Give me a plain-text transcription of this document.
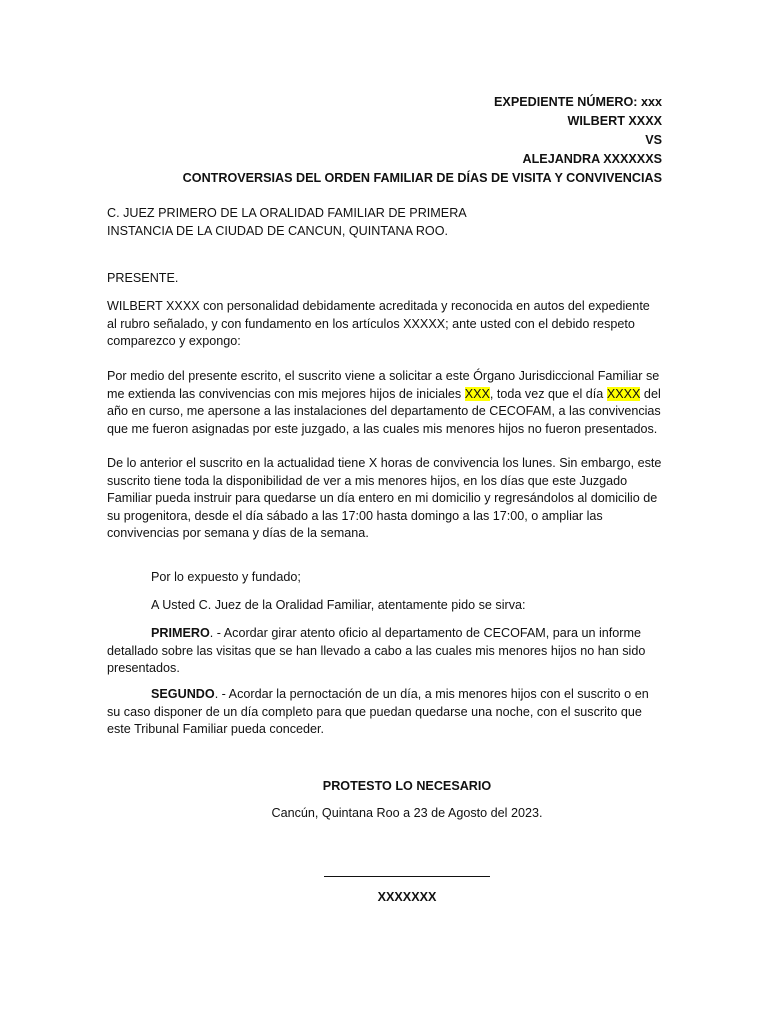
EXPEDIENTE NÚMERO: xxx
WILBERT XXXX
VS
ALEJANDRA XXXXXXS
CONTROVERSIAS DEL ORDEN FAMILIAR DE DÍAS DE VISITA Y CONVIVENCIAS
C. JUEZ PRIMERO DE LA ORALIDAD FAMILIAR DE PRIMERA
INSTANCIA DE LA CIUDAD DE CANCUN, QUINTANA ROO.
PRESENTE.
WILBERT XXXX con personalidad debidamente acreditada y reconocida en autos del expediente al rubro señalado, y con fundamento en los artículos XXXXX; ante usted con el debido respeto comparezco y expongo:
Por medio del presente escrito, el suscrito viene a solicitar a este Órgano Jurisdiccional Familiar se me extienda las convivencias con mis mejores hijos de iniciales XXX, toda vez que el día XXXX del año en curso, me apersone a las instalaciones del departamento de CECOFAM, a las convivencias que me fueron asignadas por este juzgado, a las cuales mis menores hijos no fueron presentados.
De lo anterior el suscrito en la actualidad tiene X horas de convivencia los lunes. Sin embargo, este suscrito tiene toda la disponibilidad de ver a mis menores hijos, en los días que este Juzgado Familiar pueda instruir para quedarse un día entero en mi domicilio y regresándolos al domicilio de su progenitora, desde el día sábado a las 17:00 hasta domingo a las 17:00, o ampliar las convivencias por semana y días de la semana.
Por lo expuesto y fundado;
A Usted C. Juez de la Oralidad Familiar, atentamente pido se sirva:
PRIMERO. - Acordar girar atento oficio al departamento de CECOFAM, para un informe detallado sobre las visitas que se han llevado a cabo a las cuales mis menores hijos no han sido presentados.
SEGUNDO. - Acordar la pernoctación de un día, a mis menores hijos con el suscrito o en su caso disponer de un día completo para que puedan quedarse una noche, con el suscrito que este Tribunal Familiar pueda conceder.
PROTESTO LO NECESARIO
Cancún, Quintana Roo a 23 de Agosto del 2023.
XXXXXXX
